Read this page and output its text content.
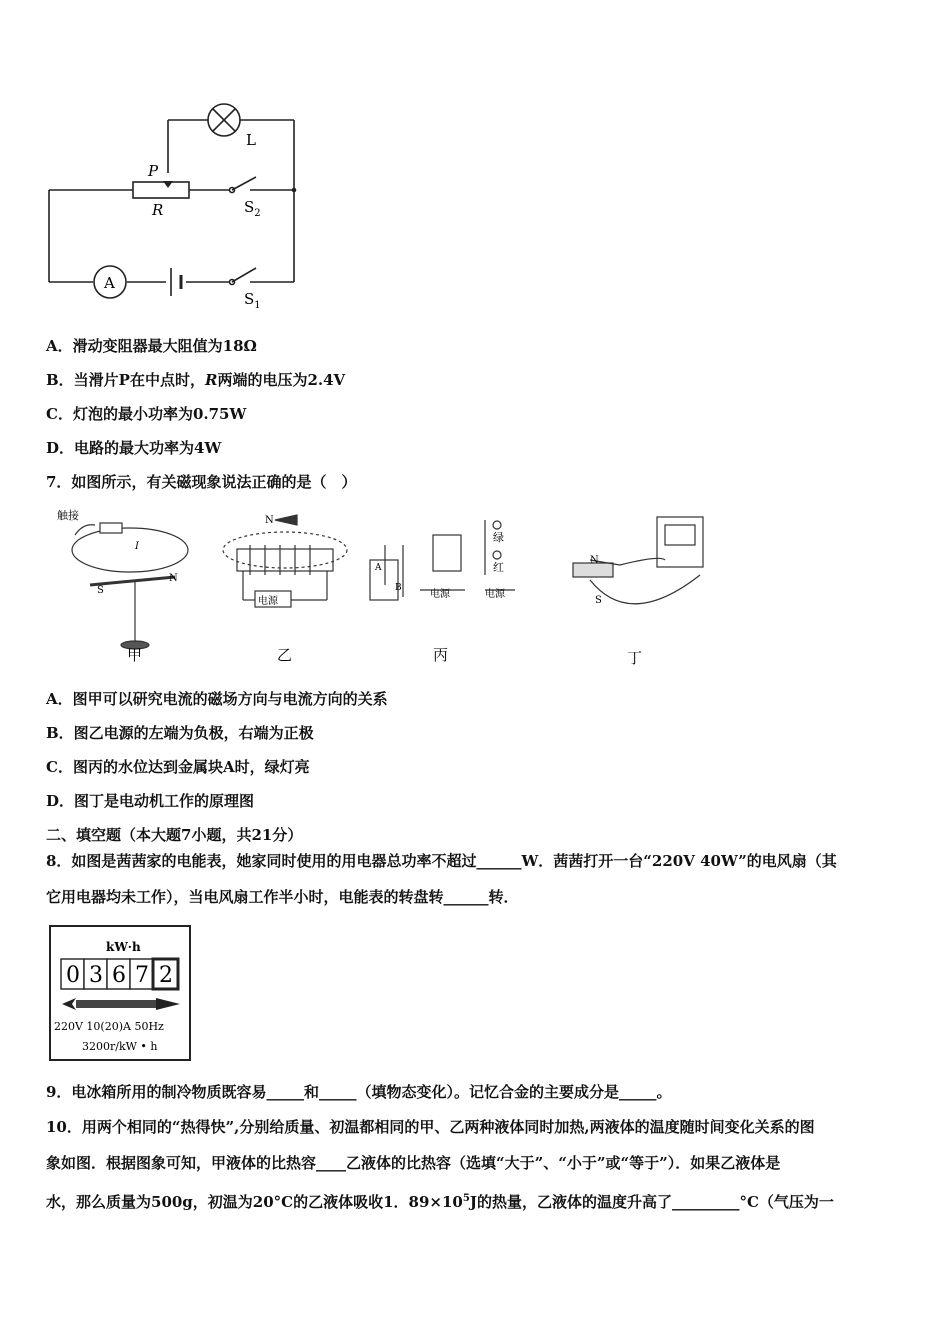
L
P
R	$S_2$
A
$S_1$
A．滑动变阻器最大阻值为18Ω
B．当滑片P在中点时，R两端的电压为2.4V
C．灯泡的最小功率为0.75W
D．电路的最大功率为4W
7．如图所示，有关磁现象说法正确的是（　）
触接
I
S
N
甲
N
电源
乙
A
B
绿
红
电源	电源
丙
N
S
丁
A．图甲可以研究电流的磁场方向与电流方向的关系
B．图乙电源的左端为负极，右端为正极
C．图丙的水位达到金属块A时，绿灯亮
D．图丁是电动机工作的原理图
二、填空题（本大题7小题，共21分）
8．如图是茜茜家的电能表，她家同时使用的用电器总功率不超过______W．茜茜打开一台“220V 40W”的电风扇（其
它用电器均未工作），当电风扇工作半小时，电能表的转盘转______转．
kW·h
0 3 6 7 2
220V 10(20)A 50Hz
3200r/kW • h
9．电冰箱所用的制冷物质既容易_____和_____（填物态变化）。记忆合金的主要成分是_____。
10．用两个相同的“热得快”,分别给质量、初温都相同的甲、乙两种液体同时加热,两液体的温度随时间变化关系的图
象如图．根据图象可知，甲液体的比热容____乙液体的比热容（选填“大于”、“小于”或“等于”）．如果乙液体是
水，那么质量为500g，初温为20°C的乙液体吸收1．$89\times 10^5J$的热量，乙液体的温度升高了_________°C（气压为一
